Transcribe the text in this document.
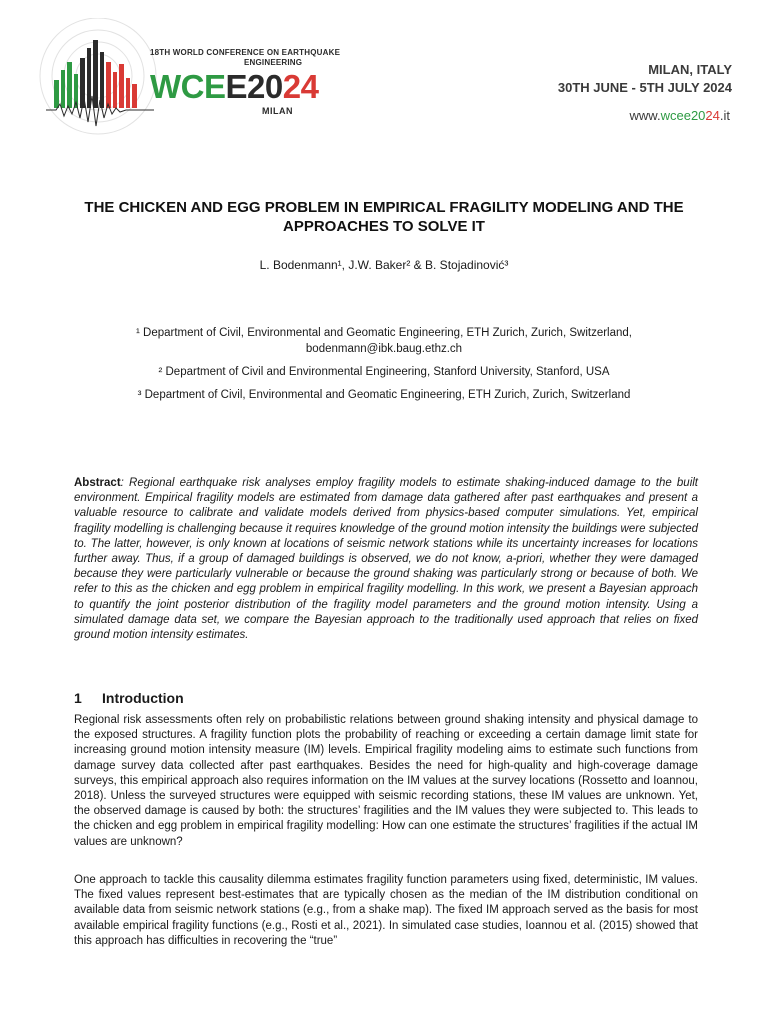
18TH WORLD CONFERENCE ON EARTHQUAKE
ENGINEERING
WCEE2024
MILAN
MILAN, ITALY
30TH JUNE - 5TH JULY 2024
www.wcee2024.it
THE CHICKEN AND EGG PROBLEM IN EMPIRICAL FRAGILITY MODELING AND THE APPROACHES TO SOLVE IT
L. Bodenmann¹, J.W. Baker² & B. Stojadinović³
¹ Department of Civil, Environmental and Geomatic Engineering, ETH Zurich, Zurich, Switzerland,
bodenmann@ibk.baug.ethz.ch
² Department of Civil and Environmental Engineering, Stanford University, Stanford, USA
³ Department of Civil, Environmental and Geomatic Engineering, ETH Zurich, Zurich, Switzerland
Abstract: Regional earthquake risk analyses employ fragility models to estimate shaking-induced damage to the built environment. Empirical fragility models are estimated from damage data gathered after past earthquakes and present a valuable resource to calibrate and validate models derived from physics-based computer simulations. Yet, empirical fragility modelling is challenging because it requires knowledge of the ground motion intensity the buildings were subjected to. The latter, however, is only known at locations of seismic network stations while its uncertainty increases for locations further away. Thus, if a group of damaged buildings is observed, we do not know, a-priori, whether they were damaged because they were particularly vulnerable or because the ground shaking was particularly strong or because of both. We refer to this as the chicken and egg problem in empirical fragility modelling. In this work, we present a Bayesian approach to quantify the joint posterior distribution of the fragility model parameters and the ground motion intensity. Using a simulated damage data set, we compare the Bayesian approach to the traditionally used approach that relies on fixed ground motion intensity estimates.
1 Introduction
Regional risk assessments often rely on probabilistic relations between ground shaking intensity and physical damage to the exposed structures. A fragility function plots the probability of reaching or exceeding a certain damage limit state for increasing ground motion intensity measure (IM) levels. Empirical fragility modeling aims to estimate such functions from damage survey data collected after past earthquakes. Besides the need for high-quality and high-coverage damage surveys, this empirical approach also requires information on the IM values at the survey locations (Rossetto and Ioannou, 2018). Unless the surveyed structures were equipped with seismic recording stations, these IM values are unknown. Yet, the observed damage is caused by both: the structures’ fragilities and the IM values they were subjected to. This leads to the chicken and egg problem in empirical fragility modelling: How can one estimate the structures’ fragilities if the actual IM values are unknown?
One approach to tackle this causality dilemma estimates fragility function parameters using fixed, deterministic, IM values. The fixed values represent best-estimates that are typically chosen as the median of the IM distribution conditional on available data from seismic network stations (e.g., from a shake map). The fixed IM approach served as the basis for most available empirical fragility functions (e.g., Rosti et al., 2021). In simulated case studies, Ioannou et al. (2015) showed that this approach has difficulties in recovering the “true”
